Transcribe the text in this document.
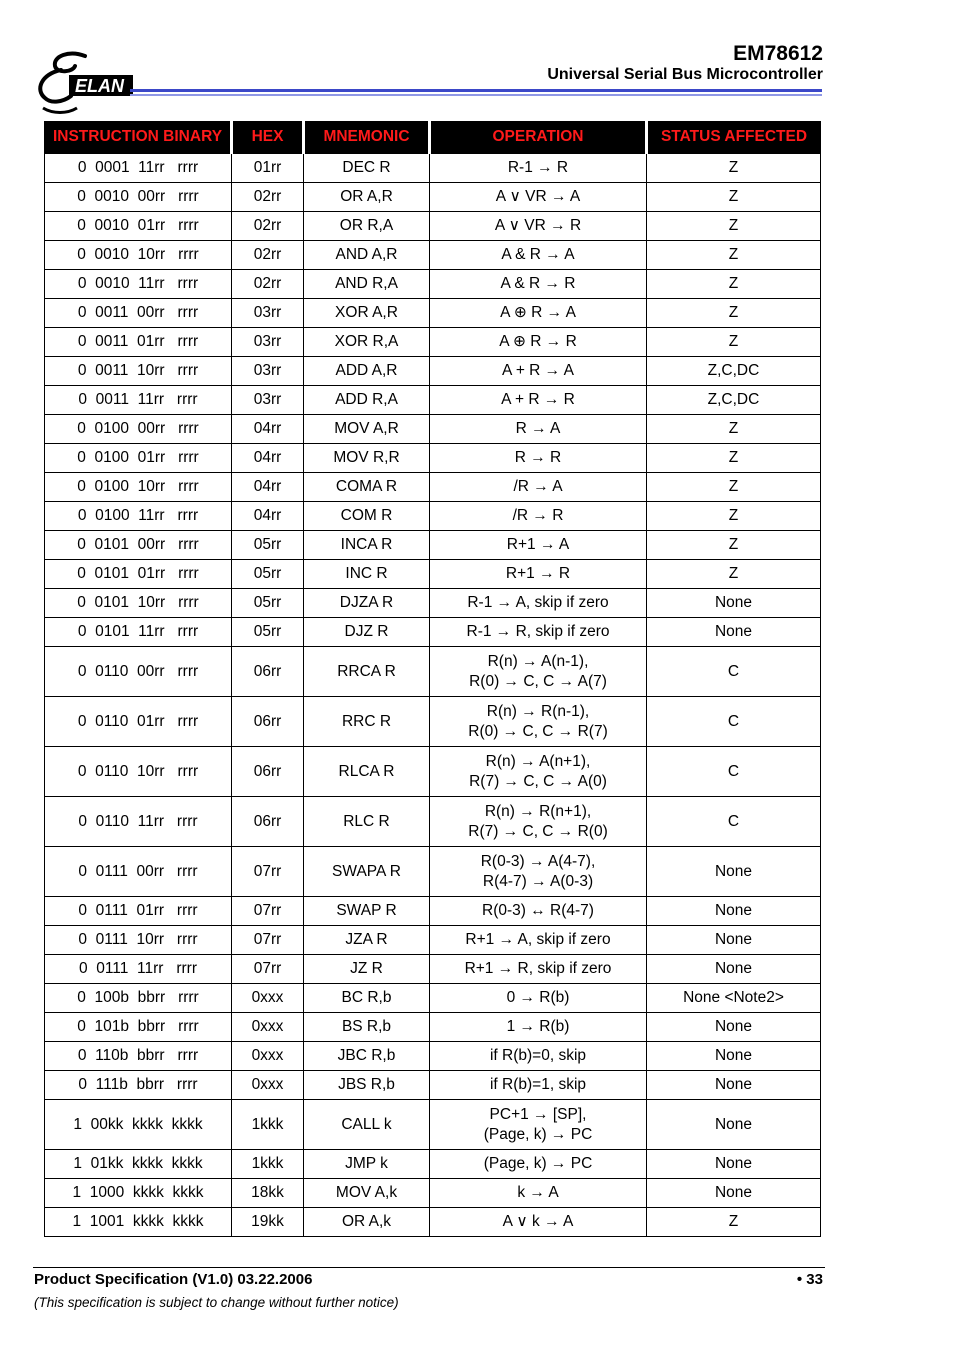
ELAN
EM78612
Universal Serial Bus Microcontroller
INSTRUCTION BINARY	HEX	MNEMONIC	OPERATION	STATUS AFFECTED
0  0001  11rr   rrrr	01rr	DEC R	R-1 → R	Z
0  0010  00rr   rrrr	02rr	OR A,R	A ∨ VR → A	Z
0  0010  01rr   rrrr	02rr	OR R,A	A ∨ VR → R	Z
0  0010  10rr   rrrr	02rr	AND A,R	A & R → A	Z
0  0010  11rr   rrrr	02rr	AND R,A	A & R → R	Z
0  0011  00rr   rrrr	03rr	XOR A,R	A ⊕ R → A	Z
0  0011  01rr   rrrr	03rr	XOR R,A	A ⊕ R → R	Z
0  0011  10rr   rrrr	03rr	ADD A,R	A + R → A	Z,C,DC
0  0011  11rr   rrrr	03rr	ADD R,A	A + R → R	Z,C,DC
0  0100  00rr   rrrr	04rr	MOV A,R	R → A	Z
0  0100  01rr   rrrr	04rr	MOV R,R	R → R	Z
0  0100  10rr   rrrr	04rr	COMA R	/R → A	Z
0  0100  11rr   rrrr	04rr	COM R	/R → R	Z
0  0101  00rr   rrrr	05rr	INCA R	R+1 → A	Z
0  0101  01rr   rrrr	05rr	INC R	R+1 → R	Z
0  0101  10rr   rrrr	05rr	DJZA R	R-1 → A, skip if zero	None
0  0101  11rr   rrrr	05rr	DJZ R	R-1 → R, skip if zero	None
0  0110  00rr   rrrr	06rr	RRCA R	R(n) → A(n-1),
R(0) → C, C → A(7)	C
0  0110  01rr   rrrr	06rr	RRC R	R(n) → R(n-1),
R(0) → C, C → R(7)	C
0  0110  10rr   rrrr	06rr	RLCA R	R(n) → A(n+1),
R(7) → C, C → A(0)	C
0  0110  11rr   rrrr	06rr	RLC R	R(n) → R(n+1),
R(7) → C, C → R(0)	C
0  0111  00rr   rrrr	07rr	SWAPA R	R(0-3) → A(4-7),
R(4-7) → A(0-3)	None
0  0111  01rr   rrrr	07rr	SWAP R	R(0-3) ↔ R(4-7)	None
0  0111  10rr   rrrr	07rr	JZA R	R+1 → A, skip if zero	None
0  0111  11rr   rrrr	07rr	JZ R	R+1 → R, skip if zero	None
0  100b  bbrr   rrrr	0xxx	BC R,b	0 → R(b)	None <Note2>
0  101b  bbrr   rrrr	0xxx	BS R,b	1 → R(b)	None
0  110b  bbrr   rrrr	0xxx	JBC R,b	if R(b)=0, skip	None
0  111b  bbrr   rrrr	0xxx	JBS R,b	if R(b)=1, skip	None
1  00kk  kkkk  kkkk	1kkk	CALL k	PC+1 → [SP],
(Page, k) → PC	None
1  01kk  kkkk  kkkk	1kkk	JMP k	(Page, k) → PC	None
1  1000  kkkk  kkkk	18kk	MOV A,k	k → A	None
1  1001  kkkk  kkkk	19kk	OR A,k	A ∨ k → A	Z
Product Specification (V1.0) 03.22.2006	• 33
(This specification is subject to change without further notice)
